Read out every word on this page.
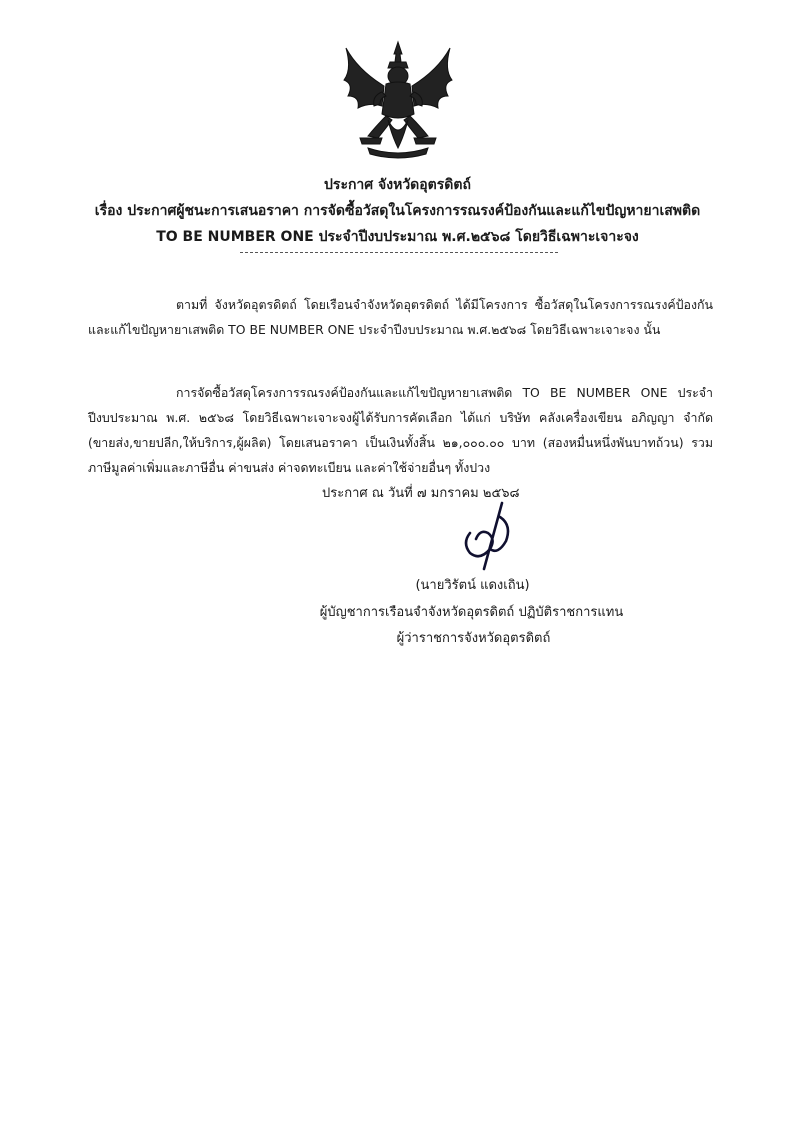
ประกาศ จังหวัดอุตรดิตถ์
เรื่อง ประกาศผู้ชนะการเสนอราคา การจัดซื้อวัสดุในโครงการรณรงค์ป้องกันและแก้ไขปัญหายาเสพติด
TO BE NUMBER ONE ประจำปีงบประมาณ พ.ศ.๒๕๖๘ โดยวิธีเฉพาะเจาะจง
ตามที่ จังหวัดอุตรดิตถ์ โดยเรือนจำจังหวัดอุตรดิตถ์ ได้มีโครงการ ซื้อวัสดุในโครงการรณรงค์ป้องกันและแก้ไขปัญหายาเสพติด TO BE NUMBER ONE ประจำปีงบประมาณ พ.ศ.๒๕๖๘ โดยวิธีเฉพาะเจาะจง นั้น
การจัดซื้อวัสดุโครงการรณรงค์ป้องกันและแก้ไขปัญหายาเสพติด TO BE NUMBER ONE ประจำปีงบประมาณ พ.ศ. ๒๕๖๘ โดยวิธีเฉพาะเจาะจงผู้ได้รับการคัดเลือก ได้แก่ บริษัท คลังเครื่องเขียน อภิญญา จำกัด (ขายส่ง,ขายปลีก,ให้บริการ,ผู้ผลิต) โดยเสนอราคา เป็นเงินทั้งสิ้น ๒๑,๐๐๐.๐๐ บาท (สองหมื่นหนึ่งพันบาทถ้วน) รวมภาษีมูลค่าเพิ่มและภาษีอื่น ค่าขนส่ง ค่าจดทะเบียน และค่าใช้จ่ายอื่นๆ ทั้งปวง
ประกาศ ณ วันที่ ๗ มกราคม ๒๕๖๘
(นายวิรัตน์ แดงเถิน)
ผู้บัญชาการเรือนจำจังหวัดอุตรดิตถ์ ปฏิบัติราชการแทน
ผู้ว่าราชการจังหวัดอุตรดิตถ์
